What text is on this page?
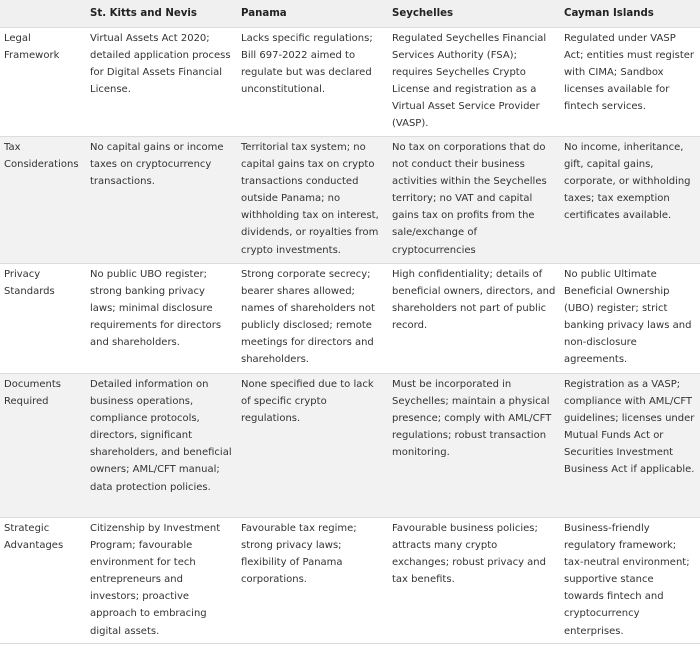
	St. Kitts and Nevis	Panama	Seychelles	Cayman Islands
Legal Framework	Virtual Assets Act 2020; detailed application process for Digital Assets Financial License.	Lacks specific regulations; Bill 697-2022 aimed to regulate but was declared unconstitutional.	Regulated Seychelles Financial Services Authority (FSA); requires Seychelles Crypto License and registration as a Virtual Asset Service Provider (VASP).	Regulated under VASP Act; entities must register with CIMA; Sandbox licenses available for fintech services.
Tax Considerations	No capital gains or income taxes on cryptocurrency transactions.	Territorial tax system; no capital gains tax on crypto transactions conducted outside Panama; no withholding tax on interest, dividends, or royalties from crypto investments.	No tax on corporations that do not conduct their business activities within the Seychelles territory; no VAT and capital gains tax on profits from the sale/exchange of cryptocurrencies	No income, inheritance, gift, capital gains, corporate, or withholding taxes; tax exemption certificates available.
Privacy Standards	No public UBO register; strong banking privacy laws; minimal disclosure requirements for directors and shareholders.	Strong corporate secrecy; bearer shares allowed; names of shareholders not publicly disclosed; remote meetings for directors and shareholders.	High confidentiality; details of beneficial owners, directors, and shareholders not part of public record.	No public Ultimate Beneficial Ownership (UBO) register; strict banking privacy laws and non-disclosure agreements.
Documents Required	Detailed information on business operations, compliance protocols, directors, significant shareholders, and beneficial owners; AML/CFT manual; data protection policies.	None specified due to lack of specific crypto regulations.	Must be incorporated in Seychelles; maintain a physical presence; comply with AML/CFT regulations; robust transaction monitoring.	Registration as a VASP; compliance with AML/CFT guidelines; licenses under Mutual Funds Act or Securities Investment Business Act if applicable.
Strategic Advantages	Citizenship by Investment Program; favourable environment for tech entrepreneurs and investors; proactive approach to embracing digital assets.	Favourable tax regime; strong privacy laws; flexibility of Panama corporations.	Favourable business policies; attracts many crypto exchanges; robust privacy and tax benefits.	Business-friendly regulatory framework; tax-neutral environment; supportive stance towards fintech and cryptocurrency enterprises.
